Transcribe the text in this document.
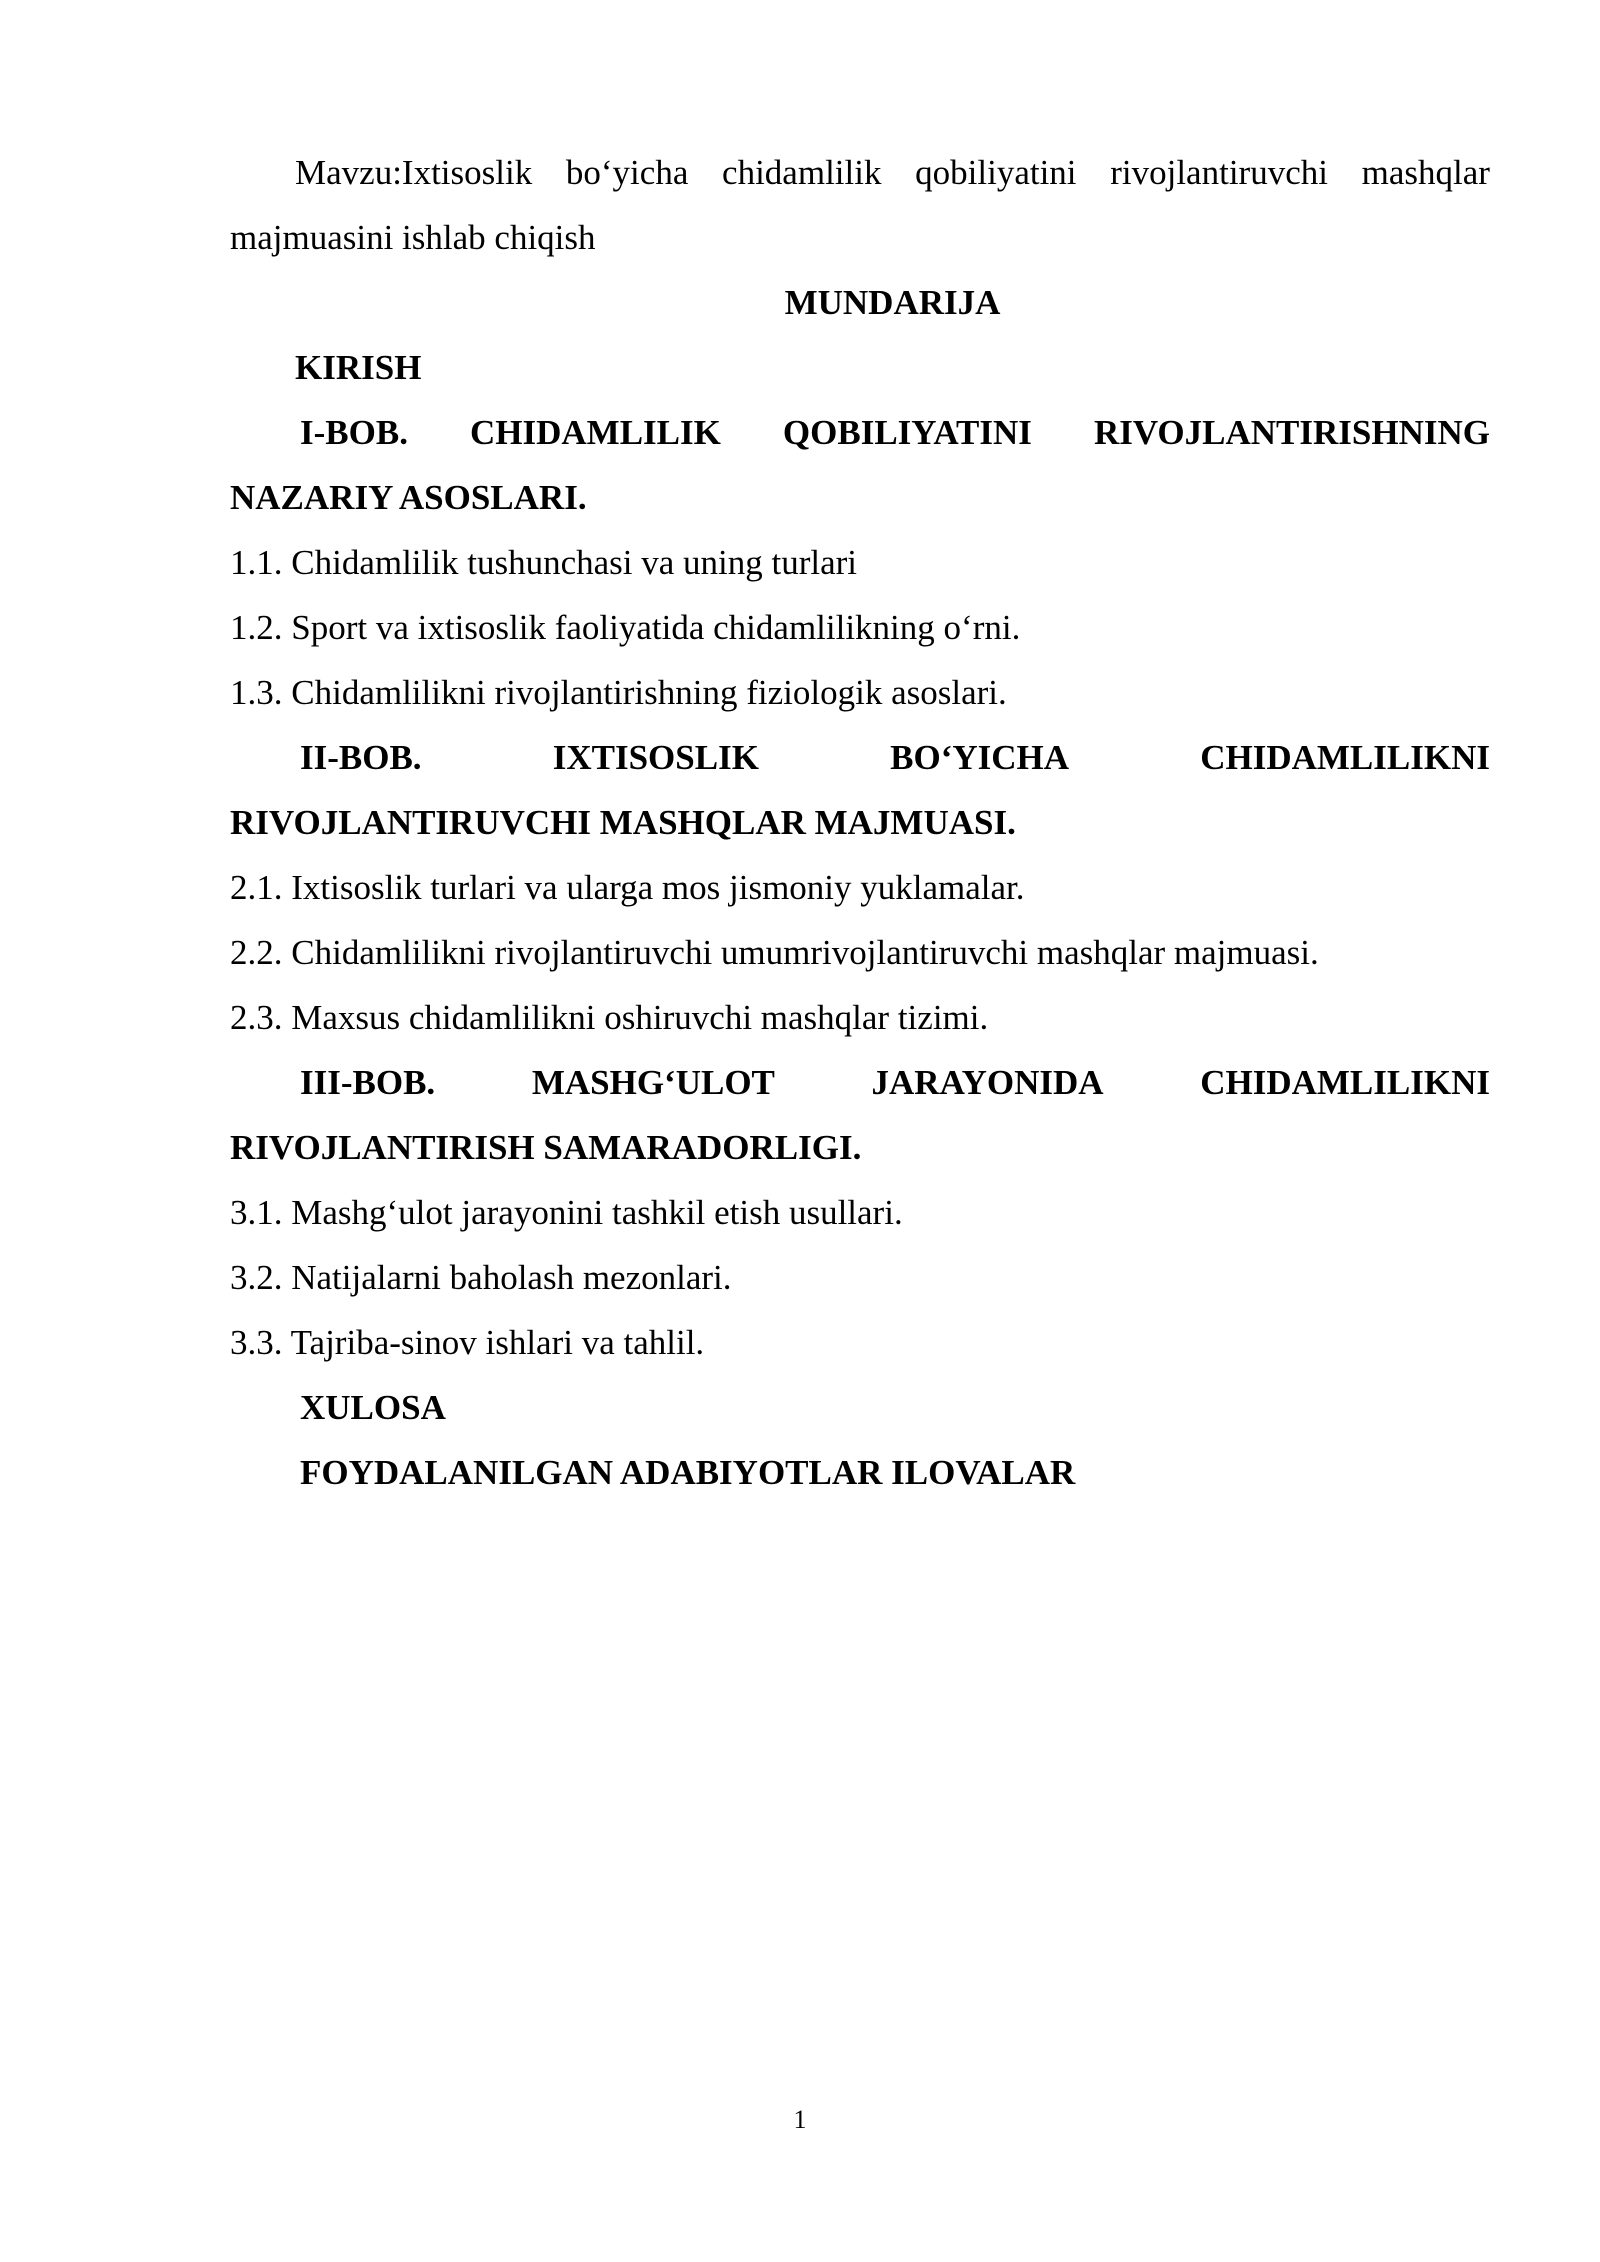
Mavzu:Ixtisoslik bo‘yicha chidamlilik qobiliyatini rivojlantiruvchi mashqlar
majmuasini ishlab chiqish
MUNDARIJA
KIRISH
I-BOB. CHIDAMLILIK QOBILIYATINI RIVOJLANTIRISHNING
NAZARIY ASOSLARI.
1.1. Chidamlilik tushunchasi va uning turlari
1.2. Sport va ixtisoslik faoliyatida chidamlilikning o‘rni.
1.3. Chidamlilikni rivojlantirishning fiziologik asoslari.
II-BOB.	IXTISOSLIK	BO‘YICHA	CHIDAMLILIKNI
RIVOJLANTIRUVCHI MASHQLAR MAJMUASI.
2.1. Ixtisoslik turlari va ularga mos jismoniy yuklamalar.
2.2. Chidamlilikni rivojlantiruvchi umumrivojlantiruvchi mashqlar majmuasi.
2.3. Maxsus chidamlilikni oshiruvchi mashqlar tizimi.
III-BOB.	MASHG‘ULOT	JARAYONIDA	CHIDAMLILIKNI
RIVOJLANTIRISH SAMARADORLIGI.
3.1. Mashg‘ulot jarayonini tashkil etish usullari.
3.2. Natijalarni baholash mezonlari.
3.3. Tajriba-sinov ishlari va tahlil.
XULOSA
FOYDALANILGAN ADABIYOTLAR ILOVALAR
1
